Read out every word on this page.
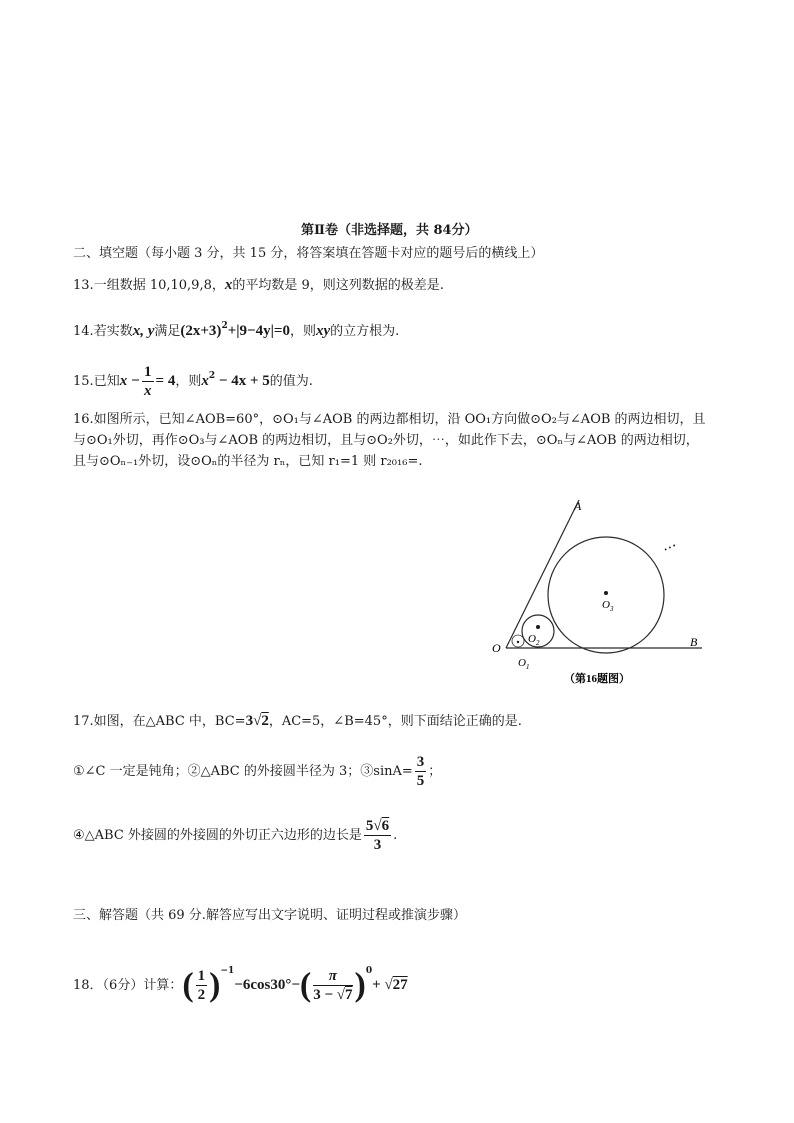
第Ⅱ卷（非选择题，共 84分）
二、填空题（每小题 3 分，共 15 分，将答案填在答题卡对应的题号后的横线上）
13.一组数据 10,10,9,8，x的平均数是 9，则这列数据的极差是.
14.若实数x, y满足$(2x+3)^2+|9-4y|=0$，则xy的立方根为.
15.已知$x - \frac{1}{x} = 4$，则$x^2 - 4x + 5$的值为.
16.如图所示，已知∠AOB=60°，⊙O₁与∠AOB 的两边都相切，沿 OO₁方向做⊙O₂与∠AOB 的两边相切，且
与⊙O₁外切，再作⊙O₃与∠AOB 的两边相切，且与⊙O₂外切，⋯，如此作下去，⊙Oₙ与∠AOB 的两边相切，
且与⊙Oₙ₋₁外切，设⊙Oₙ的半径为 rₙ，已知 r₁=1 则 r₂₀₁₆=.
A
B
O
$O_1$
$O_2$
$O_3$
⋯
（第16题图）
17.如图，在△ABC 中，BC=3√2，AC=5，∠B=45°，则下面结论正确的是.
①∠C 一定是钝角；②△ABC 的外接圆半径为 3；③sinA= $\frac{3}{5}$ ；
④△ABC 外接圆的外接圆的外切正六边形的边长是 $\frac{5√6}{3}$ .
三、解答题（共 69 分.解答应写出文字说明、证明过程或推演步骤）
18．（6分）计算：( $\frac{1}{2} )^{-1}-6\cos 30^\circ-( \frac{\pi}{3 - √7} )^0+ √27$
